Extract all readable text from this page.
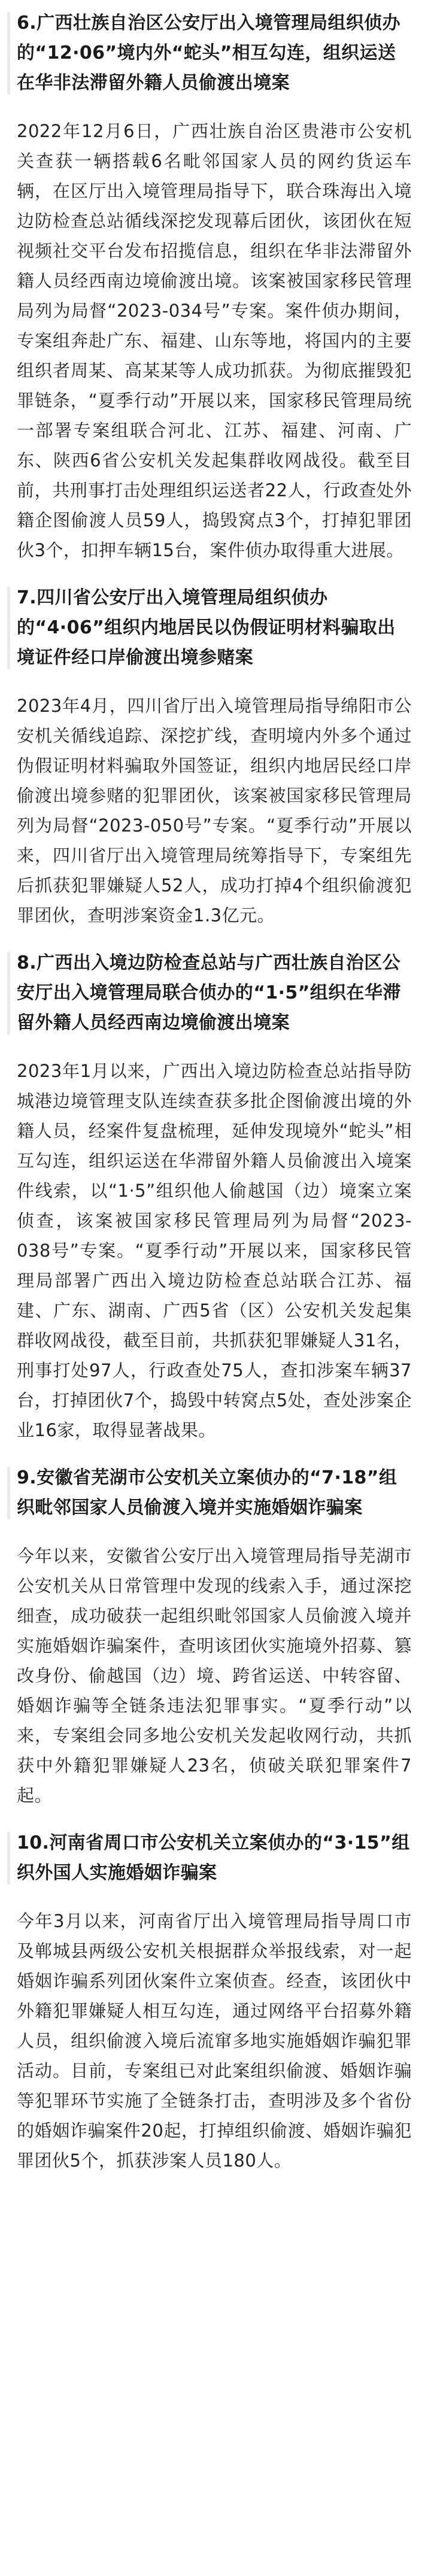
6.广西壮族自治区公安厅出入境管理局组织侦办的“12·06”境内外“蛇头”相互勾连，组织运送在华非法滞留外籍人员偷渡出境案

2022年12月6日，广西壮族自治区贵港市公安机关查获一辆搭载6名毗邻国家人员的网约货运车辆，在区厅出入境管理局指导下，联合珠海出入境边防检查总站循线深挖发现幕后团伙，该团伙在短视频社交平台发布招揽信息，组织在华非法滞留外籍人员经西南边境偷渡出境。该案被国家移民管理局列为局督“2023-034号”专案。案件侦办期间，专案组奔赴广东、福建、山东等地，将国内的主要组织者周某、高某某等人成功抓获。为彻底摧毁犯罪链条，“夏季行动”开展以来，国家移民管理局统一部署专案组联合河北、江苏、福建、河南、广东、陕西6省公安机关发起集群收网战役。截至目前，共刑事打击处理组织运送者22人，行政查处外籍企图偷渡人员59人，捣毁窝点3个，打掉犯罪团伙3个，扣押车辆15台，案件侦办取得重大进展。

7.四川省公安厅出入境管理局组织侦办的“4·06”组织内地居民以伪假证明材料骗取出境证件经口岸偷渡出境参赌案

2023年4月，四川省厅出入境管理局指导绵阳市公安机关循线追踪、深挖扩线，查明境内外多个通过伪假证明材料骗取外国签证，组织内地居民经口岸偷渡出境参赌的犯罪团伙，该案被国家移民管理局列为局督“2023-050号”专案。“夏季行动”开展以来，四川省厅出入境管理局统筹指导下，专案组先后抓获犯罪嫌疑人52人，成功打掉4个组织偷渡犯罪团伙，查明涉案资金1.3亿元。

8.广西出入境边防检查总站与广西壮族自治区公安厅出入境管理局联合侦办的“1·5”组织在华滞留外籍人员经西南边境偷渡出境案

2023年1月以来，广西出入境边防检查总站指导防城港边境管理支队连续查获多批企图偷渡出境的外籍人员，经案件复盘梳理，延伸发现境外“蛇头”相互勾连，组织运送在华滞留外籍人员偷渡出入境案件线索，以“1·5”组织他人偷越国（边）境案立案侦查，该案被国家移民管理局列为局督“2023-038号”专案。“夏季行动”开展以来，国家移民管理局部署广西出入境边防检查总站联合江苏、福建、广东、湖南、广西5省（区）公安机关发起集群收网战役，截至目前，共抓获犯罪嫌疑人31名，刑事打处97人，行政查处75人，查扣涉案车辆37台，打掉团伙7个，捣毁中转窝点5处，查处涉案企业16家，取得显著战果。

9.安徽省芜湖市公安机关立案侦办的“7·18”组织毗邻国家人员偷渡入境并实施婚姻诈骗案

今年以来，安徽省公安厅出入境管理局指导芜湖市公安机关从日常管理中发现的线索入手，通过深挖细查，成功破获一起组织毗邻国家人员偷渡入境并实施婚姻诈骗案件，查明该团伙实施境外招募、篡改身份、偷越国（边）境、跨省运送、中转容留、婚姻诈骗等全链条违法犯罪事实。“夏季行动”以来，专案组会同多地公安机关发起收网行动，共抓获中外籍犯罪嫌疑人23名，侦破关联犯罪案件7起。

10.河南省周口市公安机关立案侦办的“3·15”组织外国人实施婚姻诈骗案

今年3月以来，河南省厅出入境管理局指导周口市及郸城县两级公安机关根据群众举报线索，对一起婚姻诈骗系列团伙案件立案侦查。经查，该团伙中外籍犯罪嫌疑人相互勾连，通过网络平台招募外籍人员，组织偷渡入境后流窜多地实施婚姻诈骗犯罪活动。目前，专案组已对此案组织偷渡、婚姻诈骗等犯罪环节实施了全链条打击，查明涉及多个省份的婚姻诈骗案件20起，打掉组织偷渡、婚姻诈骗犯罪团伙5个，抓获涉案人员180人。
